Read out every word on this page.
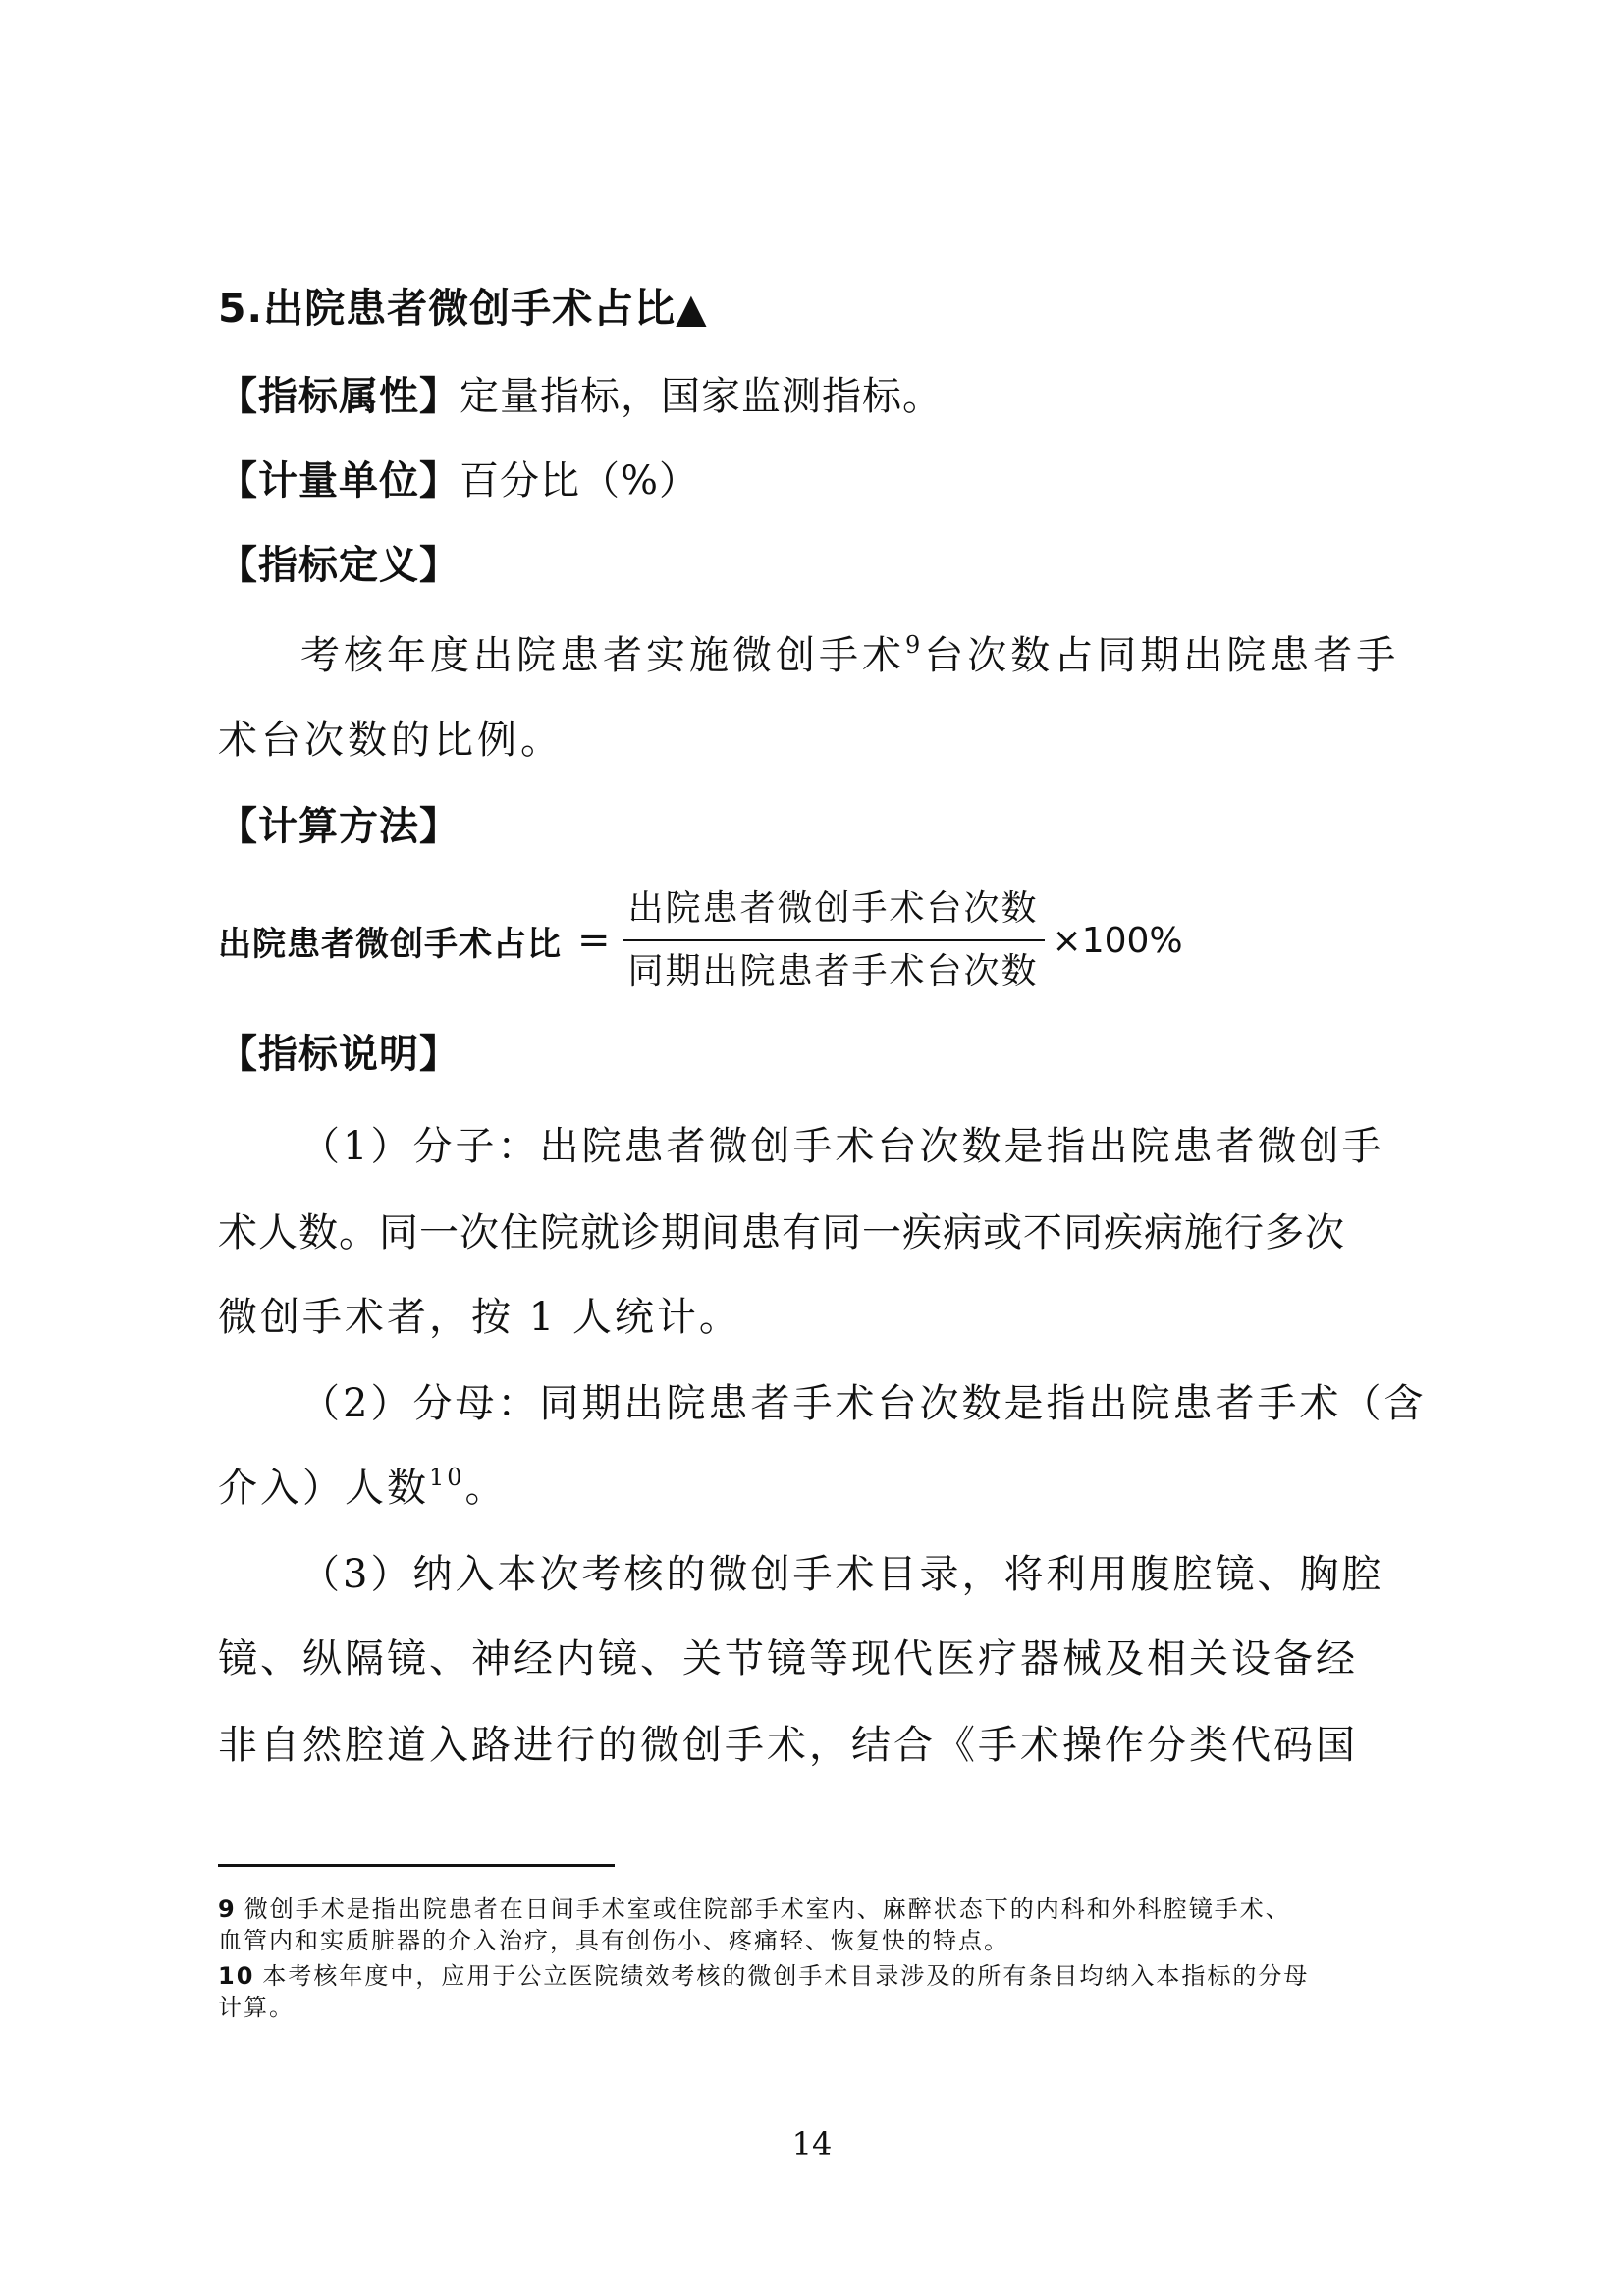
5.出院患者微创手术占比▲
【指标属性】定量指标，国家监测指标。
【计量单位】百分比（%）
【指标定义】
考核年度出院患者实施微创手术$^9$台次数占同期出院患者手
术台次数的比例。
【计算方法】
出院患者微创手术占比 = $\frac{\text{出院患者微创手术台次数}}{\text{同期出院患者手术台次数}} \times 100\%$
【指标说明】
（1）分子：出院患者微创手术台次数是指出院患者微创手
术人数。同一次住院就诊期间患有同一疾病或不同疾病施行多次
微创手术者，按 1 人统计。
（2）分母：同期出院患者手术台次数是指出院患者手术（含
介入）人数$^{10}$。
（3）纳入本次考核的微创手术目录，将利用腹腔镜、胸腔
镜、纵隔镜、神经内镜、关节镜等现代医疗器械及相关设备经
非自然腔道入路进行的微创手术，结合《手术操作分类代码国
9 微创手术是指出院患者在日间手术室或住院部手术室内、麻醉状态下的内科和外科腔镜手术、
血管内和实质脏器的介入治疗，具有创伤小、疼痛轻、恢复快的特点。
10 本考核年度中，应用于公立医院绩效考核的微创手术目录涉及的所有条目均纳入本指标的分母
计算。
14
